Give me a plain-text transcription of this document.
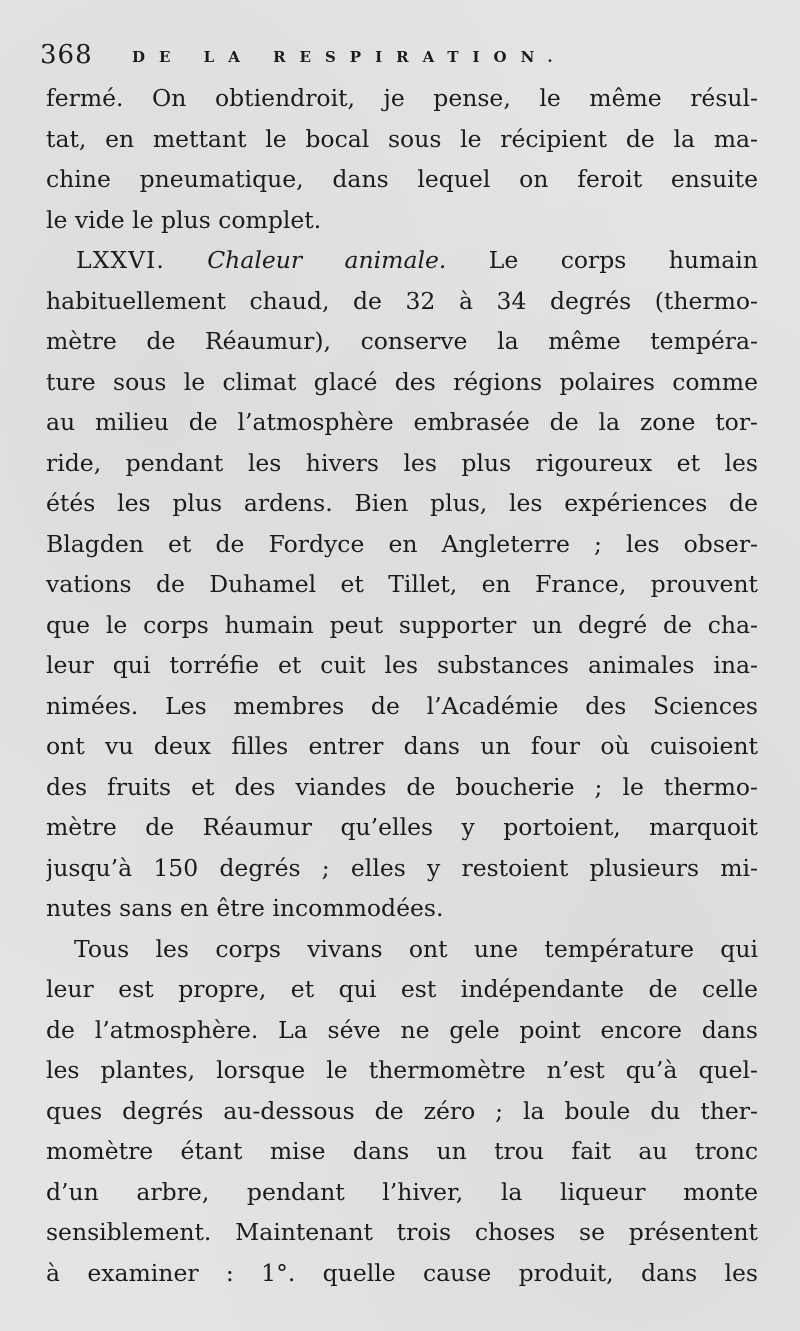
368	DE LA RESPIRATION.
fermé. On obtiendroit, je pense, le même résul-
tat, en mettant le bocal sous le récipient de la ma-
chine pneumatique, dans lequel on feroit ensuite
le vide le plus complet.
LXXVI. Chaleur animale. Le corps humain
habituellement chaud, de 32 à 34 degrés (thermo-
mètre de Réaumur), conserve la même tempéra-
ture sous le climat glacé des régions polaires comme
au milieu de l’atmosphère embrasée de la zone tor-
ride, pendant les hivers les plus rigoureux et les
étés les plus ardens. Bien plus, les expériences de
Blagden et de Fordyce en Angleterre ; les obser-
vations de Duhamel et Tillet, en France, prouvent
que le corps humain peut supporter un degré de cha-
leur qui torréfie et cuit les substances animales ina-
nimées. Les membres de l’Académie des Sciences
ont vu deux filles entrer dans un four où cuisoient
des fruits et des viandes de boucherie ; le thermo-
mètre de Réaumur qu’elles y portoient, marquoit
jusqu’à 150 degrés ; elles y restoient plusieurs mi-
nutes sans en être incommodées.
Tous les corps vivans ont une température qui
leur est propre, et qui est indépendante de celle
de l’atmosphère. La séve ne gele point encore dans
les plantes, lorsque le thermomètre n’est qu’à quel-
ques degrés au-dessous de zéro ; la boule du ther-
momètre étant mise dans un trou fait au tronc
d’un arbre, pendant l’hiver, la liqueur monte
sensiblement. Maintenant trois choses se présentent
à examiner : 1°. quelle cause produit, dans les
